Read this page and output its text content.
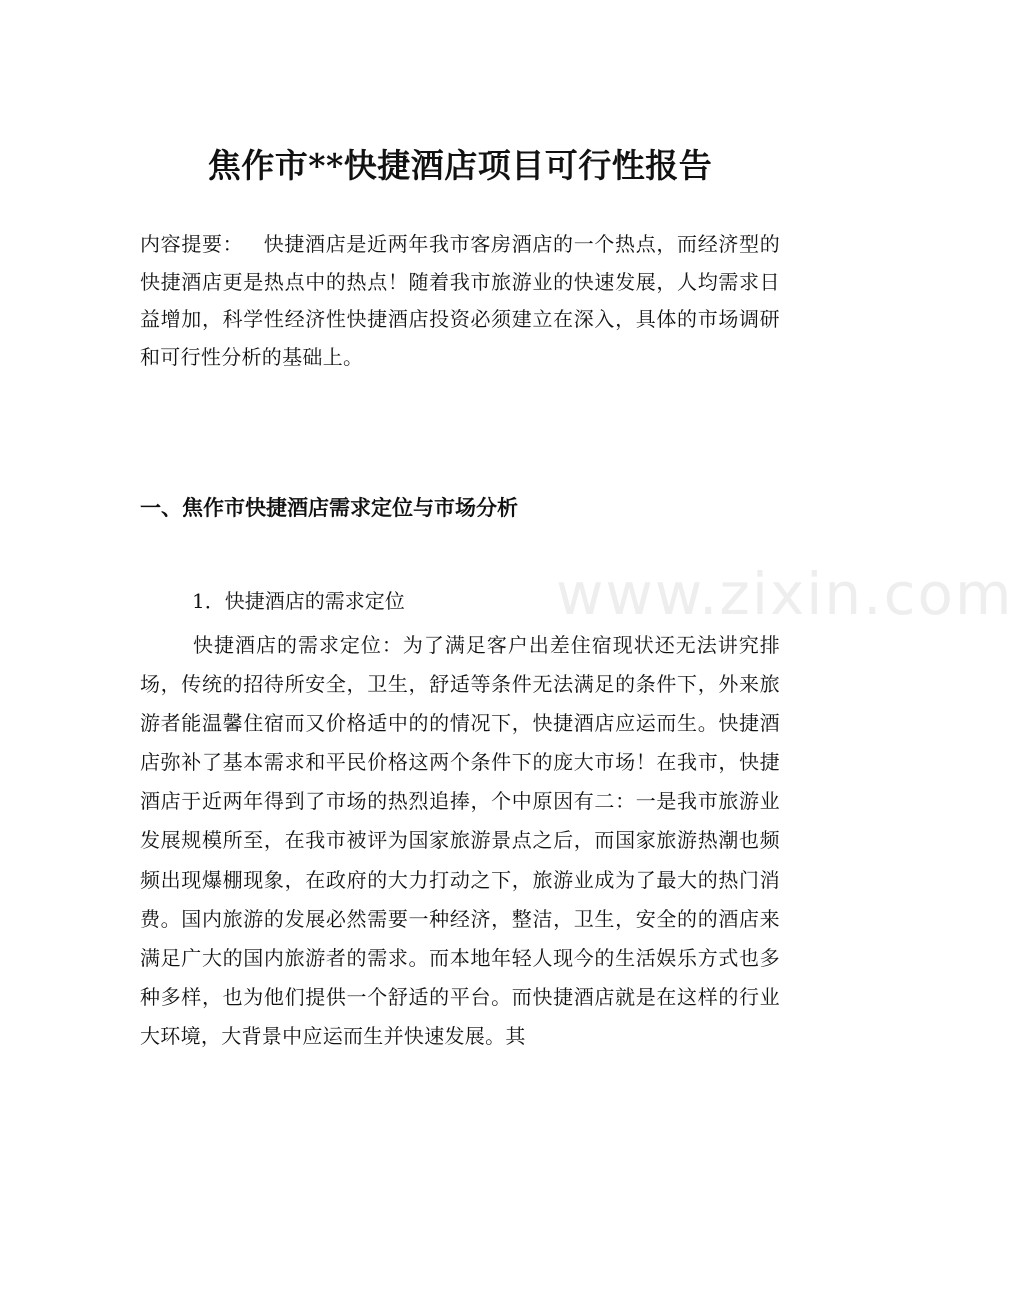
焦作市**快捷酒店项目可行性报告
内容提要： 快捷酒店是近两年我市客房酒店的一个热点，而经济型的快捷酒店更是热点中的热点！随着我市旅游业的快速发展，人均需求日益增加，科学性经济性快捷酒店投资必须建立在深入，具体的市场调研和可行性分析的基础上。
一、焦作市快捷酒店需求定位与市场分析
1．快捷酒店的需求定位	www.zixin.com
快捷酒店的需求定位：为了满足客户出差住宿现状还无法讲究排场，传统的招待所安全，卫生，舒适等条件无法满足的条件下，外来旅游者能温馨住宿而又价格适中的的情况下，快捷酒店应运而生。快捷酒店弥补了基本需求和平民价格这两个条件下的庞大市场！在我市，快捷酒店于近两年得到了市场的热烈追捧，个中原因有二：一是我市旅游业发展规模所至，在我市被评为国家旅游景点之后，而国家旅游热潮也频频出现爆棚现象，在政府的大力打动之下，旅游业成为了最大的热门消费。国内旅游的发展必然需要一种经济，整洁，卫生，安全的的酒店来满足广大的国内旅游者的需求。而本地年轻人现今的生活娱乐方式也多种多样，也为他们提供一个舒适的平台。而快捷酒店就是在这样的行业大环境，大背景中应运而生并快速发展。其
